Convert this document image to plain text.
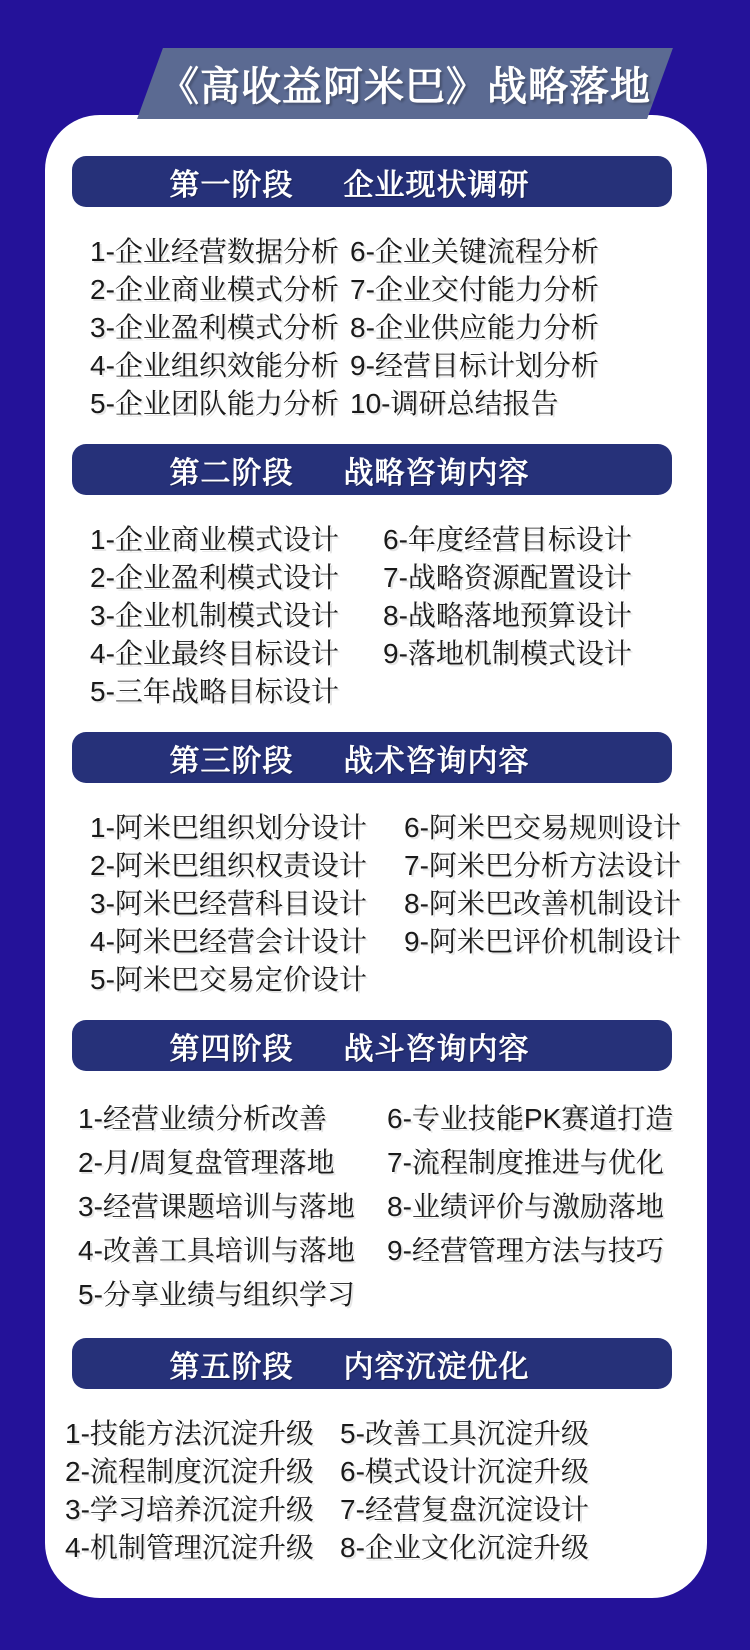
《高收益阿米巴》战略落地
第一阶段 企业现状调研
1-企业经营数据分析
2-企业商业模式分析
3-企业盈利模式分析
4-企业组织效能分析
5-企业团队能力分析
6-企业关键流程分析
7-企业交付能力分析
8-企业供应能力分析
9-经营目标计划分析
10-调研总结报告
第二阶段 战略咨询内容
1-企业商业模式设计
2-企业盈利模式设计
3-企业机制模式设计
4-企业最终目标设计
5-三年战略目标设计
6-年度经营目标设计
7-战略资源配置设计
8-战略落地预算设计
9-落地机制模式设计
第三阶段 战术咨询内容
1-阿米巴组织划分设计
2-阿米巴组织权责设计
3-阿米巴经营科目设计
4-阿米巴经营会计设计
5-阿米巴交易定价设计
6-阿米巴交易规则设计
7-阿米巴分析方法设计
8-阿米巴改善机制设计
9-阿米巴评价机制设计
第四阶段 战斗咨询内容
1-经营业绩分析改善
2-月/周复盘管理落地
3-经营课题培训与落地
4-改善工具培训与落地
5-分享业绩与组织学习
6-专业技能PK赛道打造
7-流程制度推进与优化
8-业绩评价与激励落地
9-经营管理方法与技巧
第五阶段 内容沉淀优化
1-技能方法沉淀升级
2-流程制度沉淀升级
3-学习培养沉淀升级
4-机制管理沉淀升级
5-改善工具沉淀升级
6-模式设计沉淀升级
7-经营复盘沉淀设计
8-企业文化沉淀升级
